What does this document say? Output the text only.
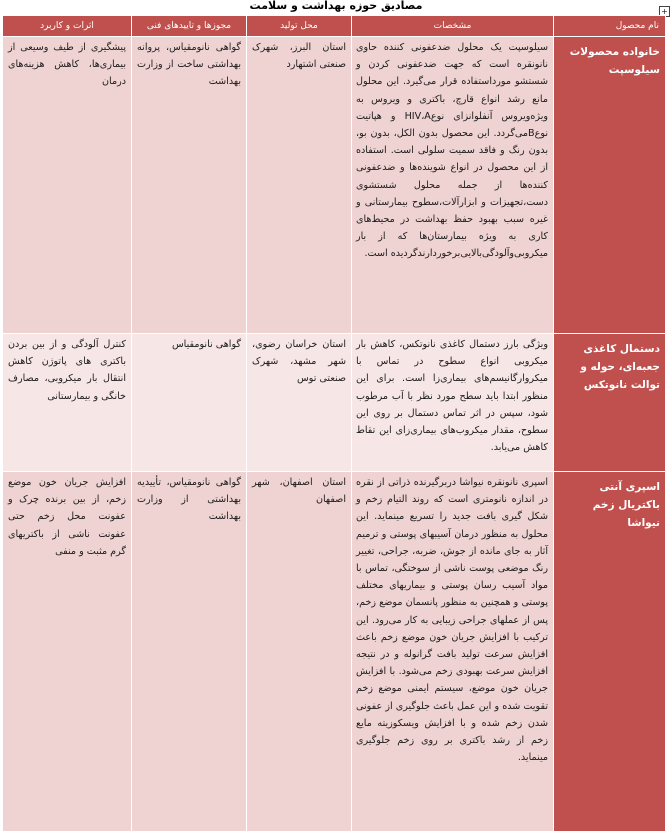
مصادیق حوزه بهداشت و سلامت	+
نام محصول	مشخصات	محل تولید	مجوزها و تاییدهای فنی	اثرات و کاربرد
خانواده محصولات سیلوسپت	سیلوسپت یک محلول ضدعفونی کننده حاوی نانونقره است که جهت ضدعفونی کردن و شستشو مورداستفاده قرار می‌گیرد. این محلول مانع رشد انواع قارچ، باکتری و ویروس به ویژه‌ویروس آنفلوانزای نوعHIV،A و هپاتیت نوعBمی‌گردد. این محصول بدون الکل، بدون بو، بدون رنگ و فاقد سمیت سلولی است. استفاده از این محصول در انواع شوینده‌ها و ضدعفونی کننده‌ها از جمله محلول شستشوی دست،تجهیزات و ابزارآلات،سطوح بیمارستانی و غیره سبب بهبود حفظ بهداشت در محیط‌های کاری به ویژه بیمارستان‌ها که از بار میکروبی‌وآلودگی‌بالایی‌برخوردارند‌گردیده است.	استان البرز، شهرک صنعتی اشتهارد	گواهی نانومقیاس، پروانه بهداشتی ساخت از وزارت بهداشت	پیشگیری از طیف وسیعی از بیماری‌ها، کاهش هزینه‌های درمان
دستمال کاغذی جعبه‌ای، حوله و توالت نانوتکس	ویژگی بارز دستمال کاغذی نانوتکس، کاهش بار میکروبی انواع سطوح در تماس با میکروارگانیسم‌های بیماری‌زا است. برای این منظور ابتدا باید سطح مورد نظر با آب مرطوب شود، سپس در اثر تماس دستمال بر روی این سطوح، مقدار میکروب‌های بیماری‌زای این تقاط کاهش می‌یابد.	استان خراسان رضوی، شهر مشهد، شهرک صنعتی توس	گواهی نانومقیاس	کنترل آلودگی و از بین بردن باکتری های پاتوژن کاهش انتقال بار میکروبی، مصارف خانگی و بیمارستانی
اسپری آنتی باکتریال زخم نیواشا	اسپری نانونقره نیواشا دربرگیرنده ذراتی از نقره در اندازه نانومتری است که روند التیام زخم و شکل گیری بافت جدید را تسریع مینماید. این محلول به منظور درمان آسیبهای پوستی و ترمیم آثار به جای مانده از جوش، ضربه، جراحی، تغییر رنگ موضعی پوست ناشی از سوختگی، تماس با مواد آسیب رسان پوستی و بیماریهای مختلف پوستی و همچنین به منظور پانسمان موضع زخم، پس از عملهای جراحی زیبایی به کار می‌رود. این ترکیب با افزایش جریان خون موضع زخم باعث افزایش سرعت تولید بافت گرانوله و در نتیجه افزایش سرعت بهبودی زخم می‌شود. با افزایش جریان خون موضع، سیستم ایمنی موضع زخم تقویت شده و این عمل باعث جلوگیری از عفونی شدن زخم شده و با افزایش ویسکوزیته مایع زخم از رشد باکتری بر روی زخم جلوگیری مینماید.	استان اصفهان، شهر اصفهان	گواهی نانومقیاس، تأییدیه بهداشتی از وزارت بهداشت	افزایش جریان خون موضع زخم، از بین برنده چرک و عفونت محل زخم حتی عفونت ناشی از باکتریهای گرم مثبت و منفی
